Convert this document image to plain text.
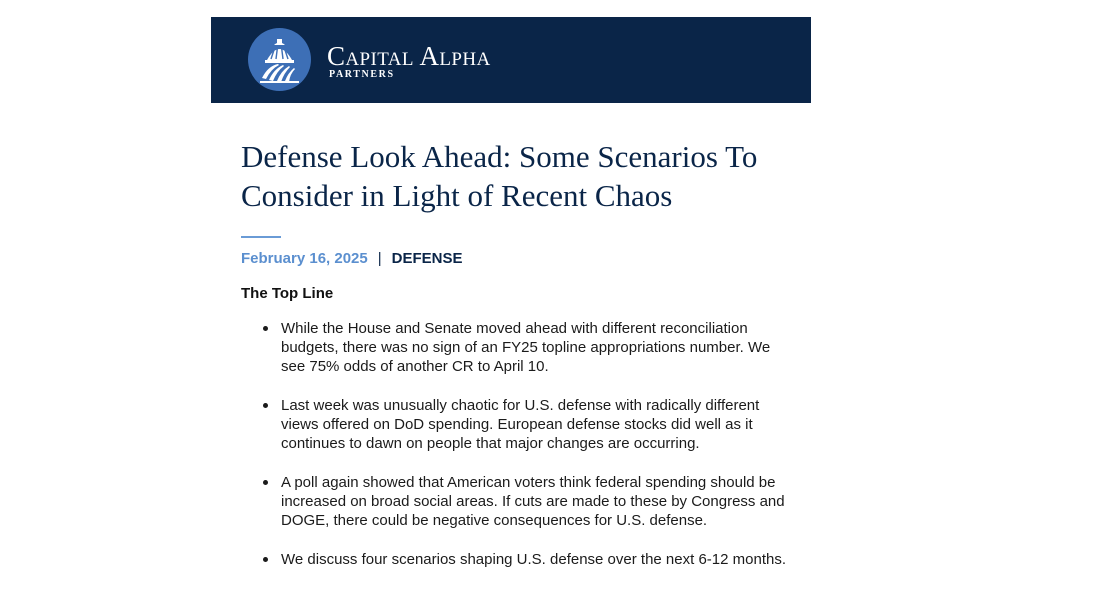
Capital Alpha
PARTNERS
Defense Look Ahead: Some Scenarios To Consider in Light of Recent Chaos
February 16, 2025 | DEFENSE
The Top Line
While the House and Senate moved ahead with different reconciliation budgets, there was no sign of an FY25 topline appropriations number. We see 75% odds of another CR to April 10.
Last week was unusually chaotic for U.S. defense with radically different views offered on DoD spending. European defense stocks did well as it continues to dawn on people that major changes are occurring.
A poll again showed that American voters think federal spending should be increased on broad social areas. If cuts are made to these by Congress and DOGE, there could be negative consequences for U.S. defense.
We discuss four scenarios shaping U.S. defense over the next 6-12 months.
